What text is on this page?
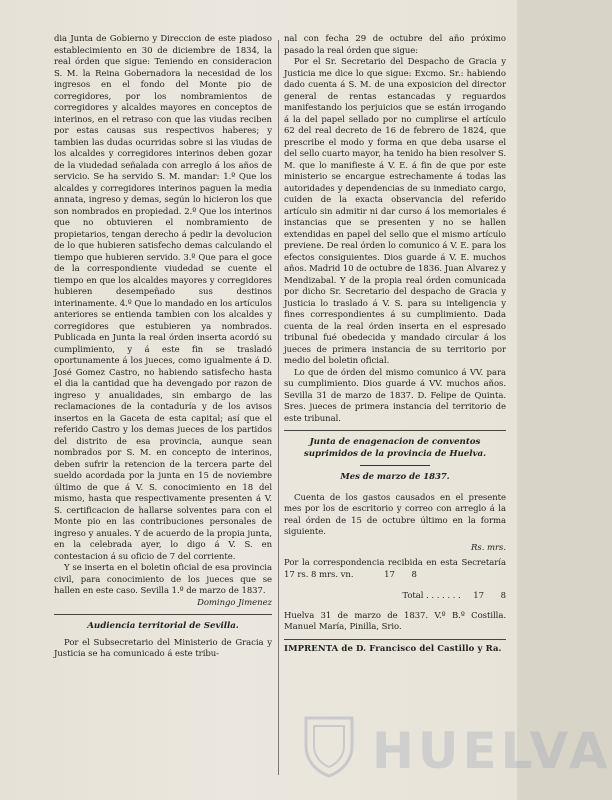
dia Junta de Gobierno y Direccion de este piadoso establecimiento en 30 de diciembre de 1834, la real órden que sigue: Teniendo en consideracion S. M. la Reina Gobernadora la necesidad de los ingresos en el fondo del Monte pio de corregidores, por los nombramientos de corregidores y alcaldes mayores en conceptos de interinos, en el retraso con que las viudas reciben por estas causas sus respectivos haberes; y tambien las dudas ocurridas sobre si las viudas de los alcaldes y corregidores interinos deben gozar de la viudedad señalada con arreglo á los años de servicio. Se ha servido S. M. mandar: 1.º Que los alcaldes y corregidores interinos paguen la media annata, ingreso y demas, según lo hicieron los que son nombrados en propiedad. 2.º Que los interinos que no obtuvieren el nombramiento de propietarios, tengan derecho á pedir la devolucion de lo que hubieren satisfecho demas calculando el tiempo que hubieren servido. 3.º Que para el goce de la correspondiente viudedad se cuente el tiempo en que los alcaldes mayores y corregidores hubieren desempeñado sus destinos interinamente. 4.º Que lo mandado en los artículos anteriores se entienda tambien con los alcaldes y corregidores que estubieren ya nombrados. Publicada en Junta la real órden inserta acordó su cumplimiento, y á este fin se trasladó oportunamente á los jueces, como igualmente á D. José Gomez Castro, no habiendo satisfecho hasta el dia la cantidad que ha devengado por razon de ingreso y anualidades, sin embargo de las reclamaciones de la contaduría y de los avisos insertos en la Gaceta de esta capital; así que el referido Castro y los demas jueces de los partidos del distrito de esa provincia, aunque sean nombrados por S. M. en concepto de interinos, deben sufrir la retencion de la tercera parte del sueldo acordada por la junta en 15 de noviembre último de que á V. S. conocimiento en 18 del mismo, hasta que respectivamente presenten á V. S. certificacion de hallarse solventes para con el Monte pio en las contribuciones personales de ingreso y anuales. Y de acuerdo de la propia junta, en la celebrada ayer, lo digo á V. S. en contestacion á su oficio de 7 del corriente.

Y se inserta en el boletin oficial de esa provincia civil, para conocimiento de los jueces que se hallen en este caso. Sevilla 1.º de marzo de 1837.

Domingo Jimenez

Audiencia territorial de Sevilla.

Por el Subsecretario del Ministerio de Gracia y Justicia se ha comunicado á este tribu-

nal con fecha 29 de octubre del año próximo pasado la real órden que sigue:

Por el Sr. Secretario del Despacho de Gracia y Justicia me dice lo que sigue: Excmo. Sr.: habiendo dado cuenta á S. M. de una exposicion del director general de rentas estancadas y reguardos manifestando los perjuicios que se están irrogando á la del papel sellado por no cumplirse el artículo 62 del real decreto de 16 de febrero de 1824, que prescribe el modo y forma en que deba usarse el del sello cuarto mayor, ha tenido ha bien resolver S. M. que lo manifieste á V. E. á fin de que por este ministerio se encargue estrechamente á todas las autoridades y dependencias de su inmediato cargo, cuiden de la exacta observancia del referido artículo sin admitir ni dar curso á los memoriales é instancias que se presenten y no se hallen extendidas en papel del sello que el mismo artículo previene. De real órden lo comunico á V. E. para los efectos consiguientes. Dios guarde á V. E. muchos años. Madrid 10 de octubre de 1836. Juan Alvarez y Mendizabal. Y de la propia real órden comunicada por dicho Sr. Secretario del despacho de Gracia y Justicia lo traslado á V. S. para su inteligencia y fines correspondientes á su cumplimiento. Dada cuenta de la real órden inserta en el espresado tribunal fué obedecida y mandado circular á los jueces de primera instancia de su territorio por medio del boletin oficial.

Lo que de órden del mismo comunico á VV. para su cumplimiento. Dios guarde á VV. muchos años. Sevilla 31 de marzo de 1837. D. Felipe de Quinta. Sres. jueces de primera instancia del territorio de este tribunal.

Junta de enagenacion de conventos suprimidos de la provincia de Huelva.

Mes de marzo de 1837.

Cuenta de los gastos causados en el presente mes por los de escritorio y correo con arreglo á la real órden de 15 de octubre último en la forma siguiente.

Rs. mrs.
Por la correspondencia recibida en esta Secretaría 17 rs. 8 mrs. vn.	17 8
Total . . . . . . . 17 8

Huelva 31 de marzo de 1837. V.º B.º Costilla. Manuel María, Pinilla, Srio.

IMPRENTA de D. Francisco del Castillo y Ra.

HUELVA
